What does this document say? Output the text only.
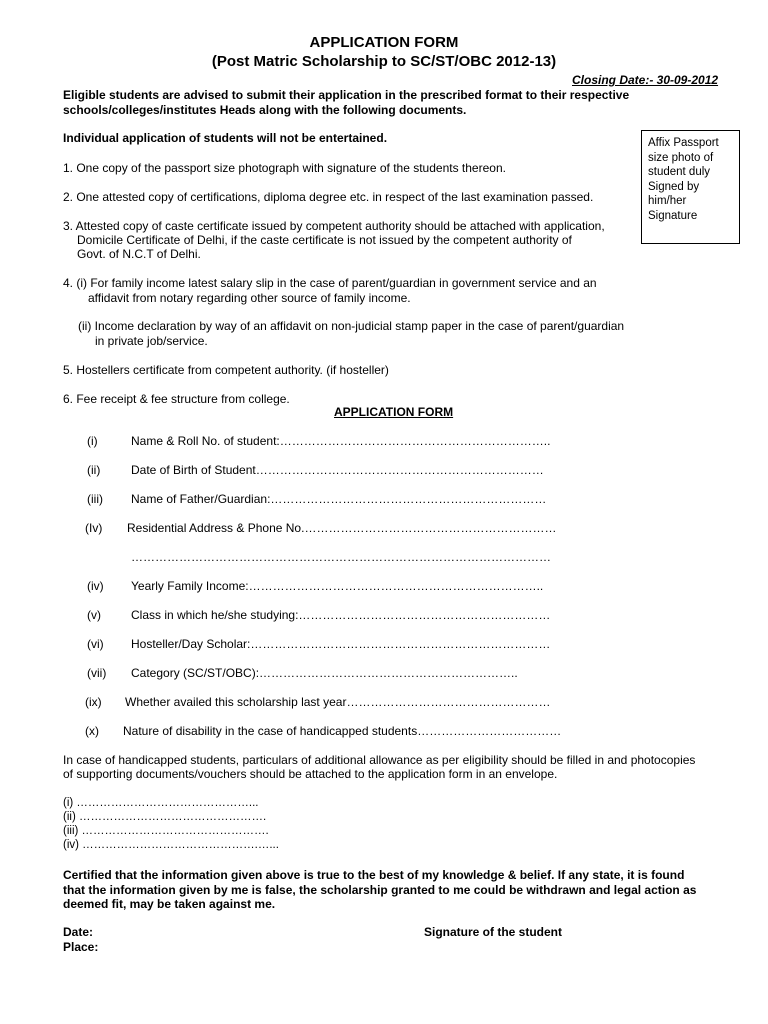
APPLICATION FORM
(Post Matric Scholarship to SC/ST/OBC 2012-13)
Closing Date:- 30-09-2012
Eligible students are advised to submit their application in the prescribed format to their respective
schools/colleges/institutes Heads along with the following documents.
Individual application of students will not be entertained.	Affix Passport
size photo of
student duly
Signed by
him/her
Signature
1. One copy of the passport size photograph with signature of the students thereon.
2. One attested copy of certifications, diploma degree etc. in respect of the last examination passed.
3. Attested copy of caste certificate issued by competent authority should be attached with application,
Domicile Certificate of Delhi, if the caste certificate is not issued by the competent authority of
Govt. of N.C.T of Delhi.
4. (i) For family income latest salary slip in the case of parent/guardian in government service and an
affidavit from notary regarding other source of family income.
(ii) Income declaration by way of an affidavit on non-judicial stamp paper in the case of parent/guardian
in private job/service.
5. Hostellers certificate from competent authority. (if hosteller)
6. Fee receipt & fee structure from college.
APPLICATION FORM
(i)	Name & Roll No. of student:…………………………………………………………..
(ii)	Date of Birth of Student………………………………………………………………
(iii) Name of Father/Guardian:……………………………………………………………
(Iv) Residential Address & Phone No.………………………………………………………
……………………………………………………………………………………………
(iv) Yearly Family Income:………………………………………………………………..
(v)	Class in which he/she studying:………………………………………………………
(vi) Hosteller/Day Scholar:…………………………………………………………………
(vii) Category (SC/ST/OBC):………………………………………………………..
(ix) Whether availed this scholarship last year……………………………………………
(x) Nature of disability in the case of handicapped students………………………………
In case of handicapped students, particulars of additional allowance as per eligibility should be filled in and photocopies
of supporting documents/vouchers should be attached to the application form in an envelope.
(i) ………………………………………...
(ii) ………………………………………….
(iii) ………………………………………….
(iv) ……………………………………….…...
Certified that the information given above is true to the best of my knowledge & belief. If any state, it is found
that the information given by me is false, the scholarship granted to me could be withdrawn and legal action as
deemed fit, may be taken against me.
Date:
Place:
Signature of the student
